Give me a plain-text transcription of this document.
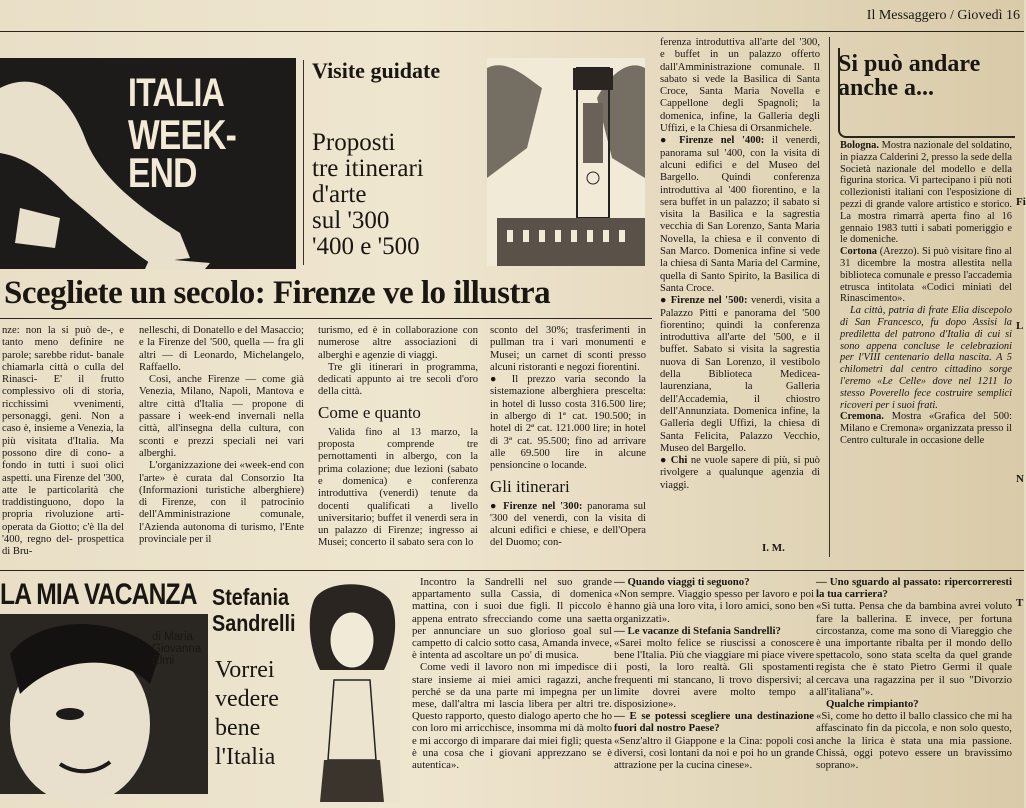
Il Messaggero / Giovedì 16
ITALIA
WEEK-END
Visite guidate
Proposti
tre itinerari
d'arte
sul '300
'400 e '500
Scegliete un secolo: Firenze ve lo illustra

nze: non la si può de-, e tanto meno definire ne parole; sarebbe ridut- banale chiamarla città o culla del Rinasci- E' il frutto complessivo oli di storia, ricchissimi vvenimenti, personaggi, geni. Non a caso è, insieme a Venezia, la più visitata d'Italia. Ma possono dire di cono- a fondo in tutti i suoi olici aspetti. una Firenze del '300, atte le particolarità che traddistinguono, dopo la propria rivoluzione arti- operata da Giotto; c'è lla del '400, regno del- prospettica di Bru-

nelleschi, di Donatello e del Masaccio; e la Firenze del '500, quella — fra gli altri — di Leonardo, Michelangelo, Raffaello.

Così, anche Firenze — come già Venezia, Milano, Napoli, Mantova e altre città d'Italia — propone di passare i week-end invernali nella città, all'insegna della cultura, con sconti e prezzi speciali nei vari alberghi.

L'organizzazione dei «week-end con l'arte» è curata dal Consorzio Ita (Informazioni turistiche alberghiere) di Firenze, con il patrocinio dell'Amministrazione comunale, l'Azienda autonoma di turismo, l'Ente provinciale per il

turismo, ed è in collaborazione con numerose altre associazioni di alberghi e agenzie di viaggi.

Tre gli itinerari in programma, dedicati appunto ai tre secoli d'oro della città.

Come e quanto

Valida fino al 13 marzo, la proposta comprende tre pernottamenti in albergo, con la prima colazione; due lezioni (sabato e domenica) e conferenza introduttiva (venerdì) tenute da docenti qualificati a livello universitario; buffet il venerdì sera in un palazzo di Firenze; ingresso ai Musei; concerto il sabato sera con lo

sconto del 30%; trasferimenti in pullman tra i vari monumenti e Musei; un carnet di sconti presso alcuni ristoranti e negozi fiorentini.

● Il prezzo varia secondo la sistemazione alberghiera prescelta: in hotel di lusso costa 316.500 lire; in albergo di 1ª cat. 190.500; in hotel di 2ª cat. 121.000 lire; in hotel di 3ª cat. 95.500; fino ad arrivare alle 69.500 lire in alcune pensioncine o locande.

Gli itinerari

● Firenze nel '300: panorama sul '300 del venerdì, con la visita di alcuni edifici e chiese, e dell'Opera del Duomo; con-

ferenza introduttiva all'arte del '300, e buffet in un palazzo offerto dall'Amministrazione comunale. Il sabato si vede la Basilica di Santa Croce, Santa Maria Novella e Cappellone degli Spagnoli; la domenica, infine, la Galleria degli Uffizi, e la Chiesa di Orsanmichele.

● Firenze nel '400: il venerdì, panorama sul '400, con la visita di alcuni edifici e del Museo del Bargello. Quindi conferenza introduttiva al '400 fiorentino, e la sera buffet in un palazzo; il sabato si visita la Basilica e la sagrestia vecchia di San Lorenzo, Santa Maria Novella, la chiesa e il convento di San Marco. Domenica infine si vede la chiesa di Santa Maria del Carmine, quella di Santo Spirito, la Basilica di Santa Croce.

● Firenze nel '500: venerdì, visita a Palazzo Pitti e panorama del '500 fiorentino; quindi la conferenza introduttiva all'arte del '500, e il buffet. Sabato si visita la sagrestia nuova di San Lorenzo, il vestibolo della Biblioteca Medicea-laurenziana, la Galleria dell'Accademia, il chiostro dell'Annunziata. Domenica infine, la Galleria degli Uffizi, la chiesa di Santa Felicita, Palazzo Vecchio, Museo del Bargello.

● Chi ne vuole sapere di più, si può rivolgere a qualunque agenzia di viaggi.

I. M.
Si può andare anche a...

Bologna. Mostra nazionale del soldatino, in piazza Calderini 2, presso la sede della Società nazionale del modello e della figurina storica. Vi partecipano i più noti collezionisti italiani con l'esposizione di pezzi di grande valore artistico e storico. La mostra rimarrà aperta fino al 16 gennaio 1983 tutti i sabati pomeriggio e le domeniche.

Cortona (Arezzo). Si può visitare fino al 31 dicembre la mostra allestita nella biblioteca comunale e presso l'accademia etrusca intitolata «Codici miniati del Rinascimento».

La città, patria di frate Elia discepolo di San Francesco, fu dopo Assisi la prediletta del patrono d'Italia di cui si sono appena concluse le celebrazioni per l'VIII centenario della nascita. A 5 chilometri dal centro cittadino sorge l'eremo «Le Celle» dove nel 1211 lo stesso Poverello fece costruire semplici ricoveri per i suoi frati.

Cremona. Mostra «Grafica del 500: Milano e Cremona» organizzata presso il Centro culturale in occasione delle

Fi
L
N
T
LA MIA VACANZA
di Maria
Giovanna
Elmi
Stefania
Sandrelli
Vorrei
vedere
bene
l'Italia

Incontro la Sandrelli nel suo grande appartamento sulla Cassia, di domenica mattina, con i suoi due figli. Il piccolo è appena entrato sfrecciando come una saetta per annunciare un suo glorioso goal sul campetto di calcio sotto casa, Amanda invece, è intenta ad ascoltare un po' di musica.

Come vedi il lavoro non mi impedisce di stare insieme ai miei amici ragazzi, anche perché se da una parte mi impegna per un mese, dall'altra mi lascia libera per altri tre. Questo rapporto, questo dialogo aperto che ho con loro mi arricchisce, insomma mi dà molto e mi accorgo di imparare dai miei figli; questa è una cosa che i giovani apprezzano se è autentica».

— Quando viaggi ti seguono?

«Non sempre. Viaggio spesso per lavoro e poi hanno già una loro vita, i loro amici, sono ben organizzati».

— Le vacanze di Stefania Sandrelli?

«Sarei molto felice se riuscissi a conoscere bene l'Italia. Più che viaggiare mi piace vivere i posti, la loro realtà. Gli spostamenti frequenti mi stancano, li trovo dispersivi; al limite dovrei avere molto tempo a disposizione».

— E se potessi scegliere una destinazione fuori dal nostro Paese?

«Senz'altro il Giappone e la Cina: popoli così diversi, così lontani da noi e poi ho un grande attrazione per la cucina cinese».

— Uno sguardo al passato: ripercorreresti la tua carriera?

«Sì tutta. Pensa che da bambina avrei voluto fare la ballerina. E invece, per fortuna circostanza, come ma sono di Viareggio che è una importante ribalta per il mondo dello spettacolo, sono stata scelta da quel grande regista che è stato Pietro Germi il quale cercava una ragazzina per il suo "Divorzio all'italiana"».

Qualche rimpianto?

«Sì, come ho detto il ballo classico che mi ha affascinato fin da piccola, e non solo questo, anche la lirica è stata una mia passione. Chissà, oggi potevo essere un bravissimo soprano».
